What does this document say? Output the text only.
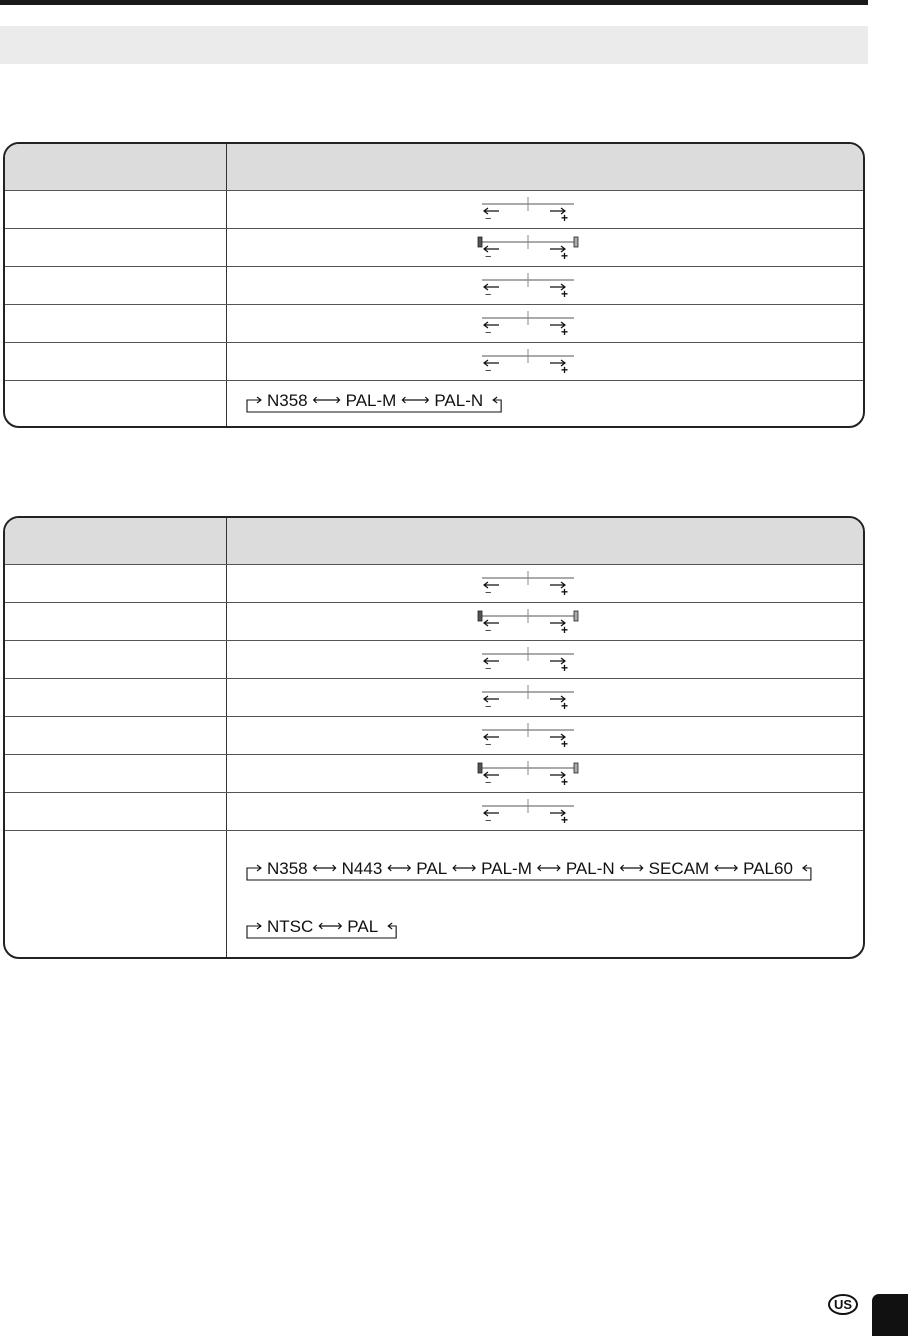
−	+
−	+
−	+
−	+
−	+
N358 PAL-M PAL-N
−	+
−	+
−	+
−	+
−	+
−	+
−	+
N358 N443 PAL PAL-M PAL-N SECAM PAL60
NTSC PAL
US
